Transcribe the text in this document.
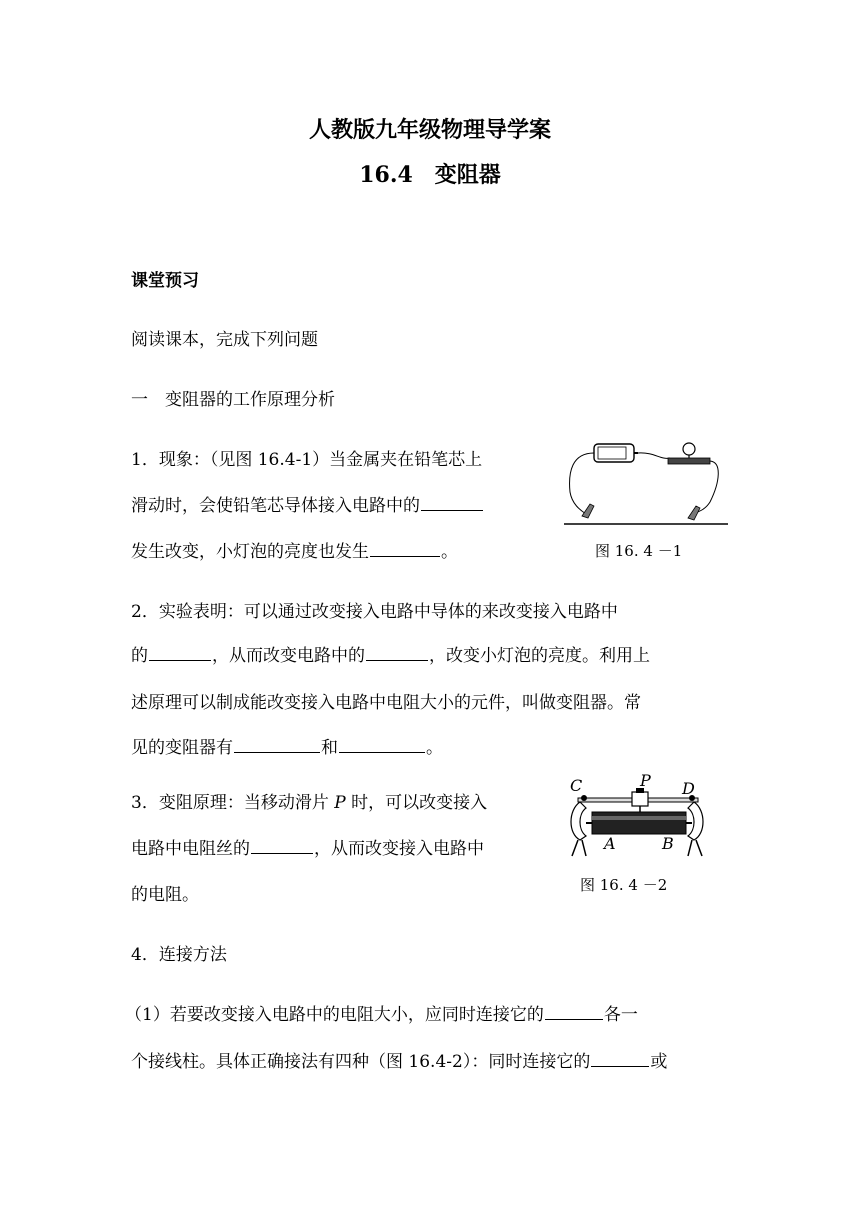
人教版九年级物理导学案
16.4　变阻器
课堂预习
阅读课本，完成下列问题
一　变阻器的工作原理分析
1．现象：（见图 16.4-1）当金属夹在铅笔芯上
滑动时，会使铅笔芯导体接入电路中的
发生改变，小灯泡的亮度也发生	。	图 16. 4 －1
2．实验表明：可以通过改变接入电路中导体的来改变接入电路中
的	，从而改变电路中的	，改变小灯泡的亮度。利用上
述原理可以制成能改变接入电路中电阻大小的元件，叫做变阻器。常
见的变阻器有	和	。
3．变阻原理：当移动滑片 P 时，可以改变接入
电路中电阻丝的	，从而改变接入电路中
的电阻。
C	P D
A	B
图 16. 4 －2
4．连接方法
（1）若要改变接入电路中的电阻大小，应同时连接它的	各一
个接线柱。具体正确接法有四种（图 16.4-2）：同时连接它的	或
